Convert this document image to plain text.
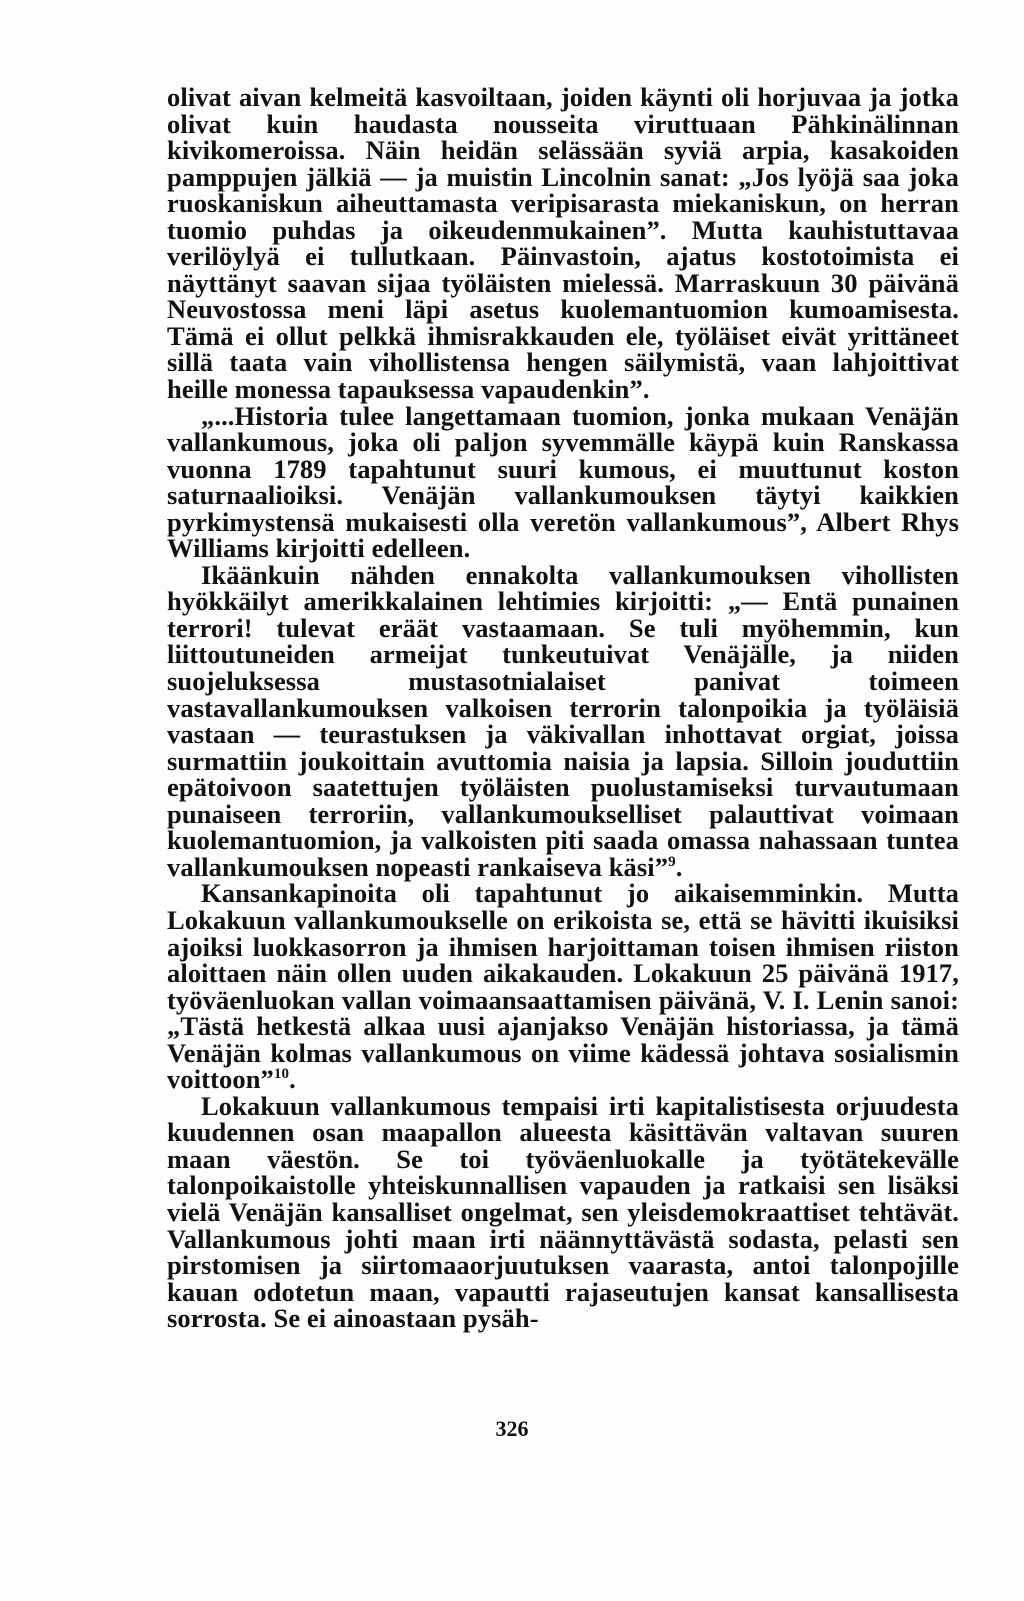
olivat aivan kelmeitä kasvoiltaan, joiden käynti oli horjuvaa ja jotka olivat kuin haudasta nousseita viruttuaan Pähkinälinnan kivikomeroissa. Näin heidän selässään syviä arpia, kasakoiden pamppujen jälkiä — ja muistin Lincolnin sanat: „Jos lyöjä saa joka ruoskaniskun aiheuttamasta veripisarasta miekaniskun, on herran tuomio puhdas ja oikeudenmukainen”. Mutta kauhistuttavaa verilöylyä ei tullutkaan. Päinvastoin, ajatus kostotoimista ei näyttänyt saavan sijaa työläisten mielessä. Marraskuun 30 päivänä Neuvostossa meni läpi asetus kuolemantuomion kumoamisesta. Tämä ei ollut pelkkä ihmisrakkauden ele, työläiset eivät yrittäneet sillä taata vain vihollistensa hengen säilymistä, vaan lahjoittivat heille monessa tapauksessa vapaudenkin”.

„...Historia tulee langettamaan tuomion, jonka mukaan Venäjän vallankumous, joka oli paljon syvemmälle käypä kuin Ranskassa vuonna 1789 tapahtunut suuri kumous, ei muuttunut koston saturnaalioiksi. Venäjän vallankumouksen täytyi kaikkien pyrkimystensä mukaisesti olla veretön vallankumous”, Albert Rhys Williams kirjoitti edelleen.

Ikäänkuin nähden ennakolta vallankumouksen vihollisten hyökkäilyt amerikkalainen lehtimies kirjoitti: „— Entä punainen terrori! tulevat eräät vastaamaan. Se tuli myöhemmin, kun liittoutuneiden armeijat tunkeutuivat Venäjälle, ja niiden suojeluksessa mustasotnialaiset panivat toimeen vastavallankumouksen valkoisen terrorin talonpoikia ja työläisiä vastaan — teurastuksen ja väkivallan inhottavat orgiat, joissa surmattiin joukoittain avuttomia naisia ja lapsia. Silloin jouduttiin epätoivoon saatettujen työläisten puolustamiseksi turvautumaan punaiseen terroriin, vallankumoukselliset palauttivat voimaan kuolemantuomion, ja valkoisten piti saada omassa nahassaan tuntea vallankumouksen nopeasti rankaiseva käsi”$^9$.

Kansankapinoita oli tapahtunut jo aikaisemminkin. Mutta Lokakuun vallankumoukselle on erikoista se, että se hävitti ikuisiksi ajoiksi luokkasorron ja ihmisen harjoittaman toisen ihmisen riiston aloittaen näin ollen uuden aikakauden. Lokakuun 25 päivänä 1917, työväenluokan vallan voimaansaattamisen päivänä, V. I. Lenin sanoi: „Tästä hetkestä alkaa uusi ajanjakso Venäjän historiassa, ja tämä Venäjän kolmas vallankumous on viime kädessä johtava sosialismin voittoon”$^{10}$.

Lokakuun vallankumous tempaisi irti kapitalistisesta orjuudesta kuudennen osan maapallon alueesta käsittävän valtavan suuren maan väestön. Se toi työväenluokalle ja työtätekevälle talonpoikaistolle yhteiskunnallisen vapauden ja ratkaisi sen lisäksi vielä Venäjän kansalliset ongelmat, sen yleisdemokraattiset tehtävät. Vallankumous johti maan irti näännyttävästä sodasta, pelasti sen pirstomisen ja siirtomaaorjuutuksen vaarasta, antoi talonpojille kauan odotetun maan, vapautti rajaseutujen kansat kansallisesta sorrosta. Se ei ainoastaan pysäh-

326
